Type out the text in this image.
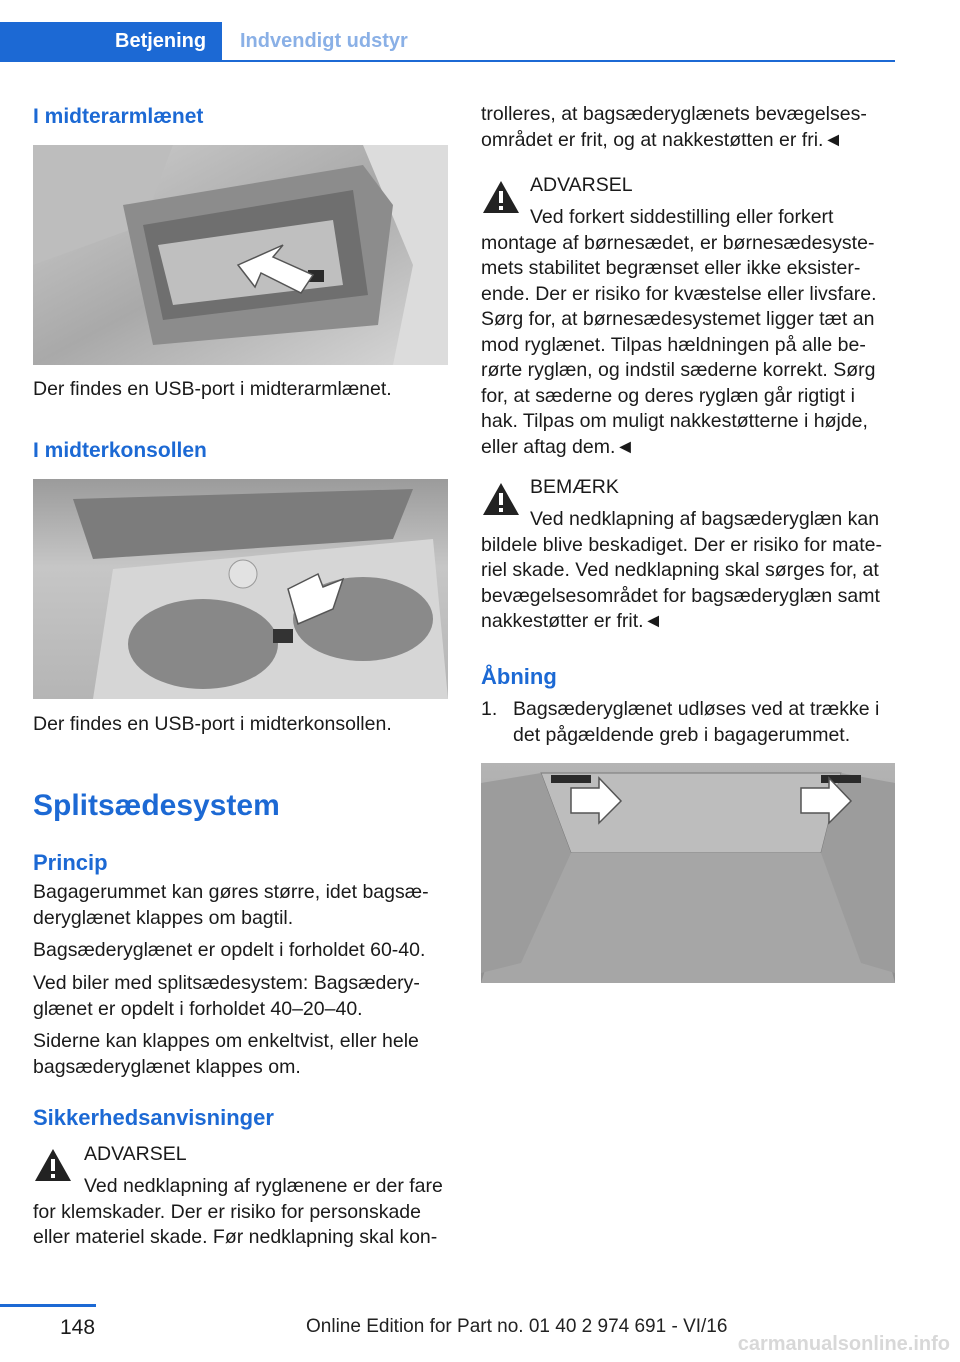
Betjening	Indvendigt udstyr
I midterarmlænet
Der findes en USB-port i midterarmlænet.
I midterkonsollen
Der findes en USB-port i midterkonsollen.
Splitsædesystem
Princip
Bagagerummet kan gøres større, idet bagsæ‐
deryglænet klappes om bagtil.
Bagsæderyglænet er opdelt i forholdet 60‑40.
Ved biler med splitsædesystem: Bagsædery‐
glænet er opdelt i forholdet 40–20–40.
Siderne kan klappes om enkeltvist, eller hele
bagsæderyglænet klappes om.
Sikkerhedsanvisninger
ADVARSEL
Ved nedklapning af ryglænene er der fare
for klemskader. Der er risiko for personskade
eller materiel skade. Før nedklapning skal kon‐
trolleres, at bagsæderyglænets bevægelses‐
området er frit, og at nakkestøtten er fri.◄
ADVARSEL
Ved forkert siddestilling eller forkert
montage af børnesædet, er børnesædesyste‐
mets stabilitet begrænset eller ikke eksister‐
ende. Der er risiko for kvæstelse eller livsfare.
Sørg for, at børnesædesystemet ligger tæt an
mod ryglænet. Tilpas hældningen på alle be‐
rørte ryglæn, og indstil sæderne korrekt. Sørg
for, at sæderne og deres ryglæn går rigtigt i
hak. Tilpas om muligt nakkestøtterne i højde,
eller aftag dem.◄
BEMÆRK
Ved nedklapning af bagsæderyglæn kan
bildele blive beskadiget. Der er risiko for mate‐
riel skade. Ved nedklapning skal sørges for, at
bevægelsesområdet for bagsæderyglæn samt
nakkestøtter er frit.◄
Åbning
1. Bagsæderyglænet udløses ved at trække i
det pågældende greb i bagagerummet.
148	Online Edition for Part no. 01 40 2 974 691 - VI/16
carmanualsonline.info
